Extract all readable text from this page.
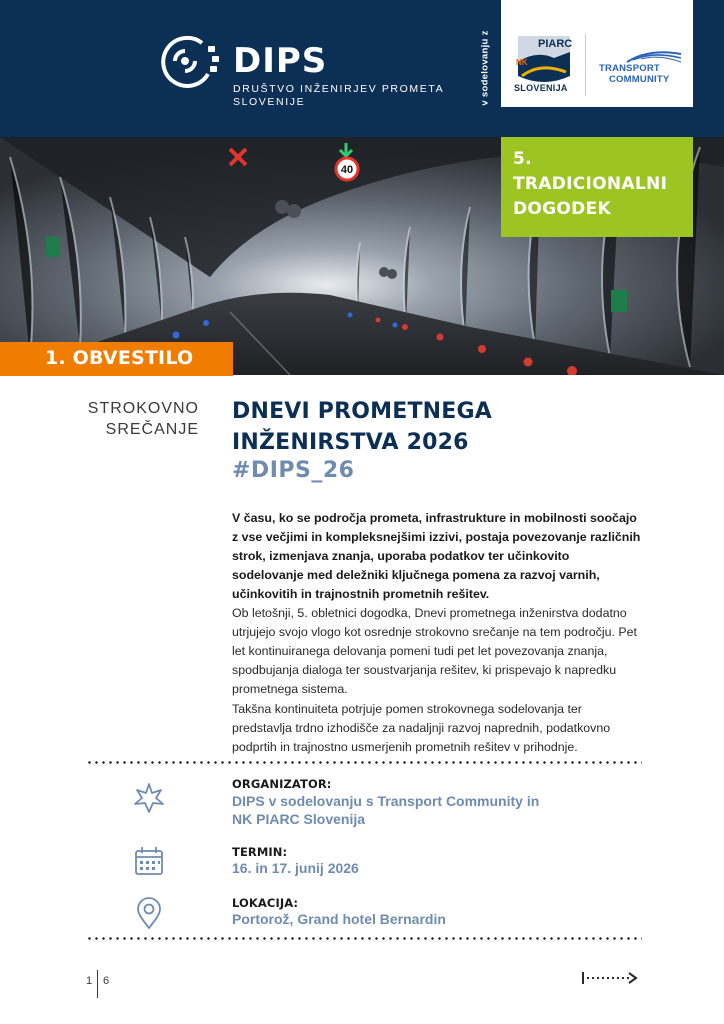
DIPS
DRUŠTVO INŽENIRJEV PROMETA SLOVENIJE	v sodelovanju z	PIARC
NK
SLOVENIJA
TRANSPORT
COMMUNITY
40
5.
TRADICIONALNI
DOGODEK
1. OBVESTILO
STROKOVNO
SREČANJE
DNEVI PROMETNEGA
INŽENIRSTVA 2026
#DIPS_26

V času, ko se področja prometa, infrastrukture in mobilnosti soočajo z vse večjimi in kompleksnejšimi izzivi, postaja povezovanje različnih strok, izmenjava znanja, uporaba podatkov ter učinkovito sodelovanje med deležniki ključnega pomena za razvoj varnih, učinkovitih in trajnostnih prometnih rešitev.

Ob letošnji, 5. obletnici dogodka, Dnevi prometnega inženirstva dodatno utrjujejo svojo vlogo kot osrednje strokovno srečanje na tem področju. Pet let kontinuiranega delovanja pomeni tudi pet let povezovanja znanja, spodbujanja dialoga ter soustvarjanja rešitev, ki prispevajo k napredku prometnega sistema.

Takšna kontinuiteta potrjuje pomen strokovnega sodelovanja ter predstavlja trdno izhodišče za nadaljnji razvoj naprednih, podatkovno podprtih in trajnostno usmerjenih prometnih rešitev v prihodnje.

ORGANIZATOR:
DIPS v sodelovanju s Transport Community in
NK PIARC Slovenija
TERMIN:
16. in 17. junij 2026
LOKACIJA:
Portorož, Grand hotel Bernardin
1 6
